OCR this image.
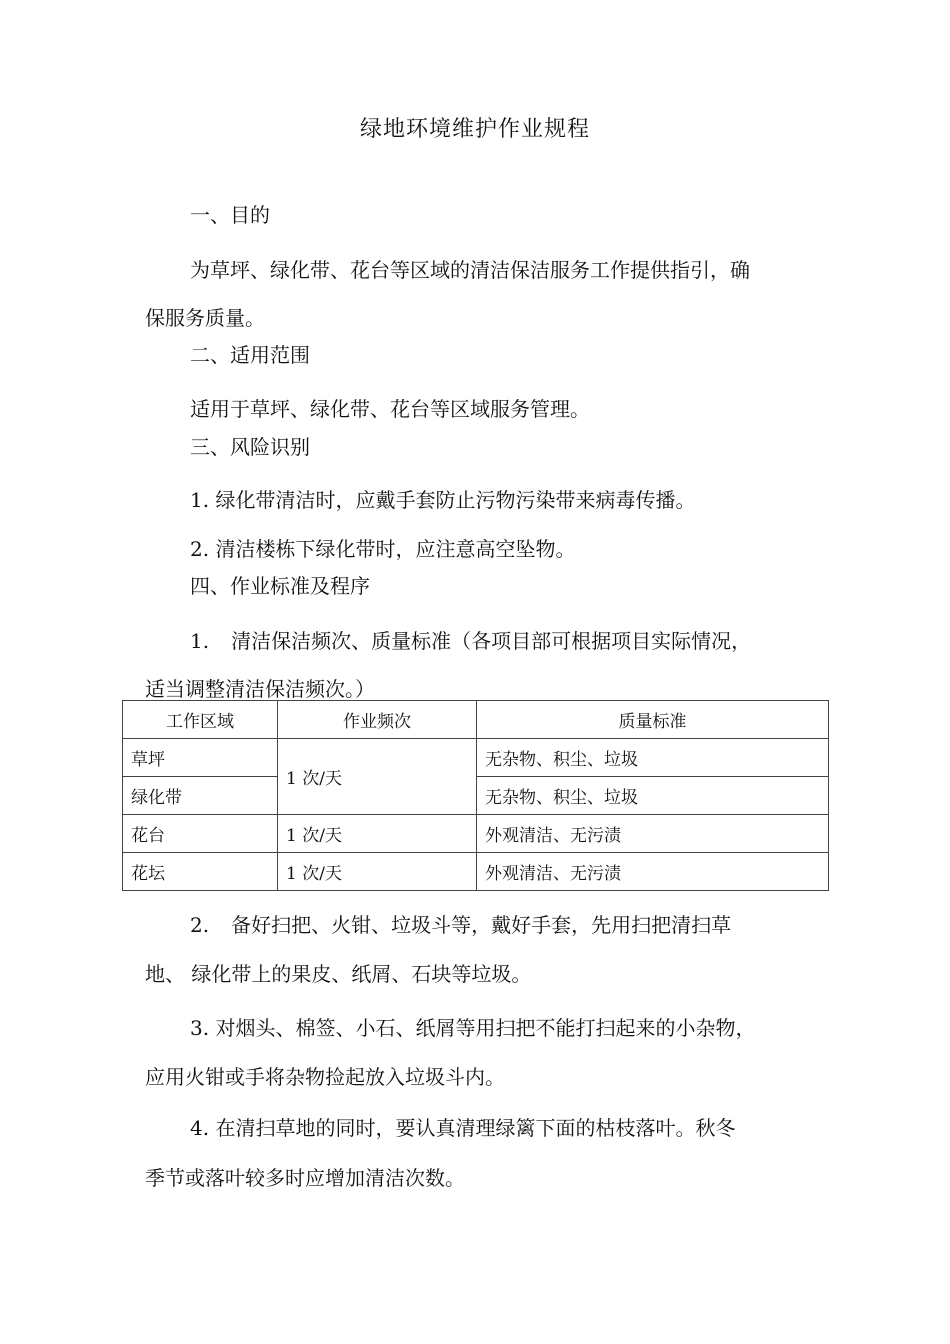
绿地环境维护作业规程
一、目的
为草坪、绿化带、花台等区域的清洁保洁服务工作提供指引，确
保服务质量。
二、适用范围
适用于草坪、绿化带、花台等区域服务管理。
三、风险识别
1. 绿化带清洁时，应戴手套防止污物污染带来病毒传播。
2. 清洁楼栋下绿化带时，应注意高空坠物。
四、作业标准及程序
1. 清洁保洁频次、质量标准（各项目部可根据项目实际情况，
适当调整清洁保洁频次。）
工作区域	作业频次	质量标准
草坪	1 次/天	无杂物、积尘、垃圾
绿化带		无杂物、积尘、垃圾
花台	1 次/天	外观清洁、无污渍
花坛	1 次/天	外观清洁、无污渍
2. 备好扫把、火钳、垃圾斗等，戴好手套，先用扫把清扫草
地、 绿化带上的果皮、纸屑、石块等垃圾。
3. 对烟头、棉签、小石、纸屑等用扫把不能打扫起来的小杂物，
应用火钳或手将杂物捡起放入垃圾斗内。
4. 在清扫草地的同时，要认真清理绿篱下面的枯枝落叶。秋冬
季节或落叶较多时应增加清洁次数。
